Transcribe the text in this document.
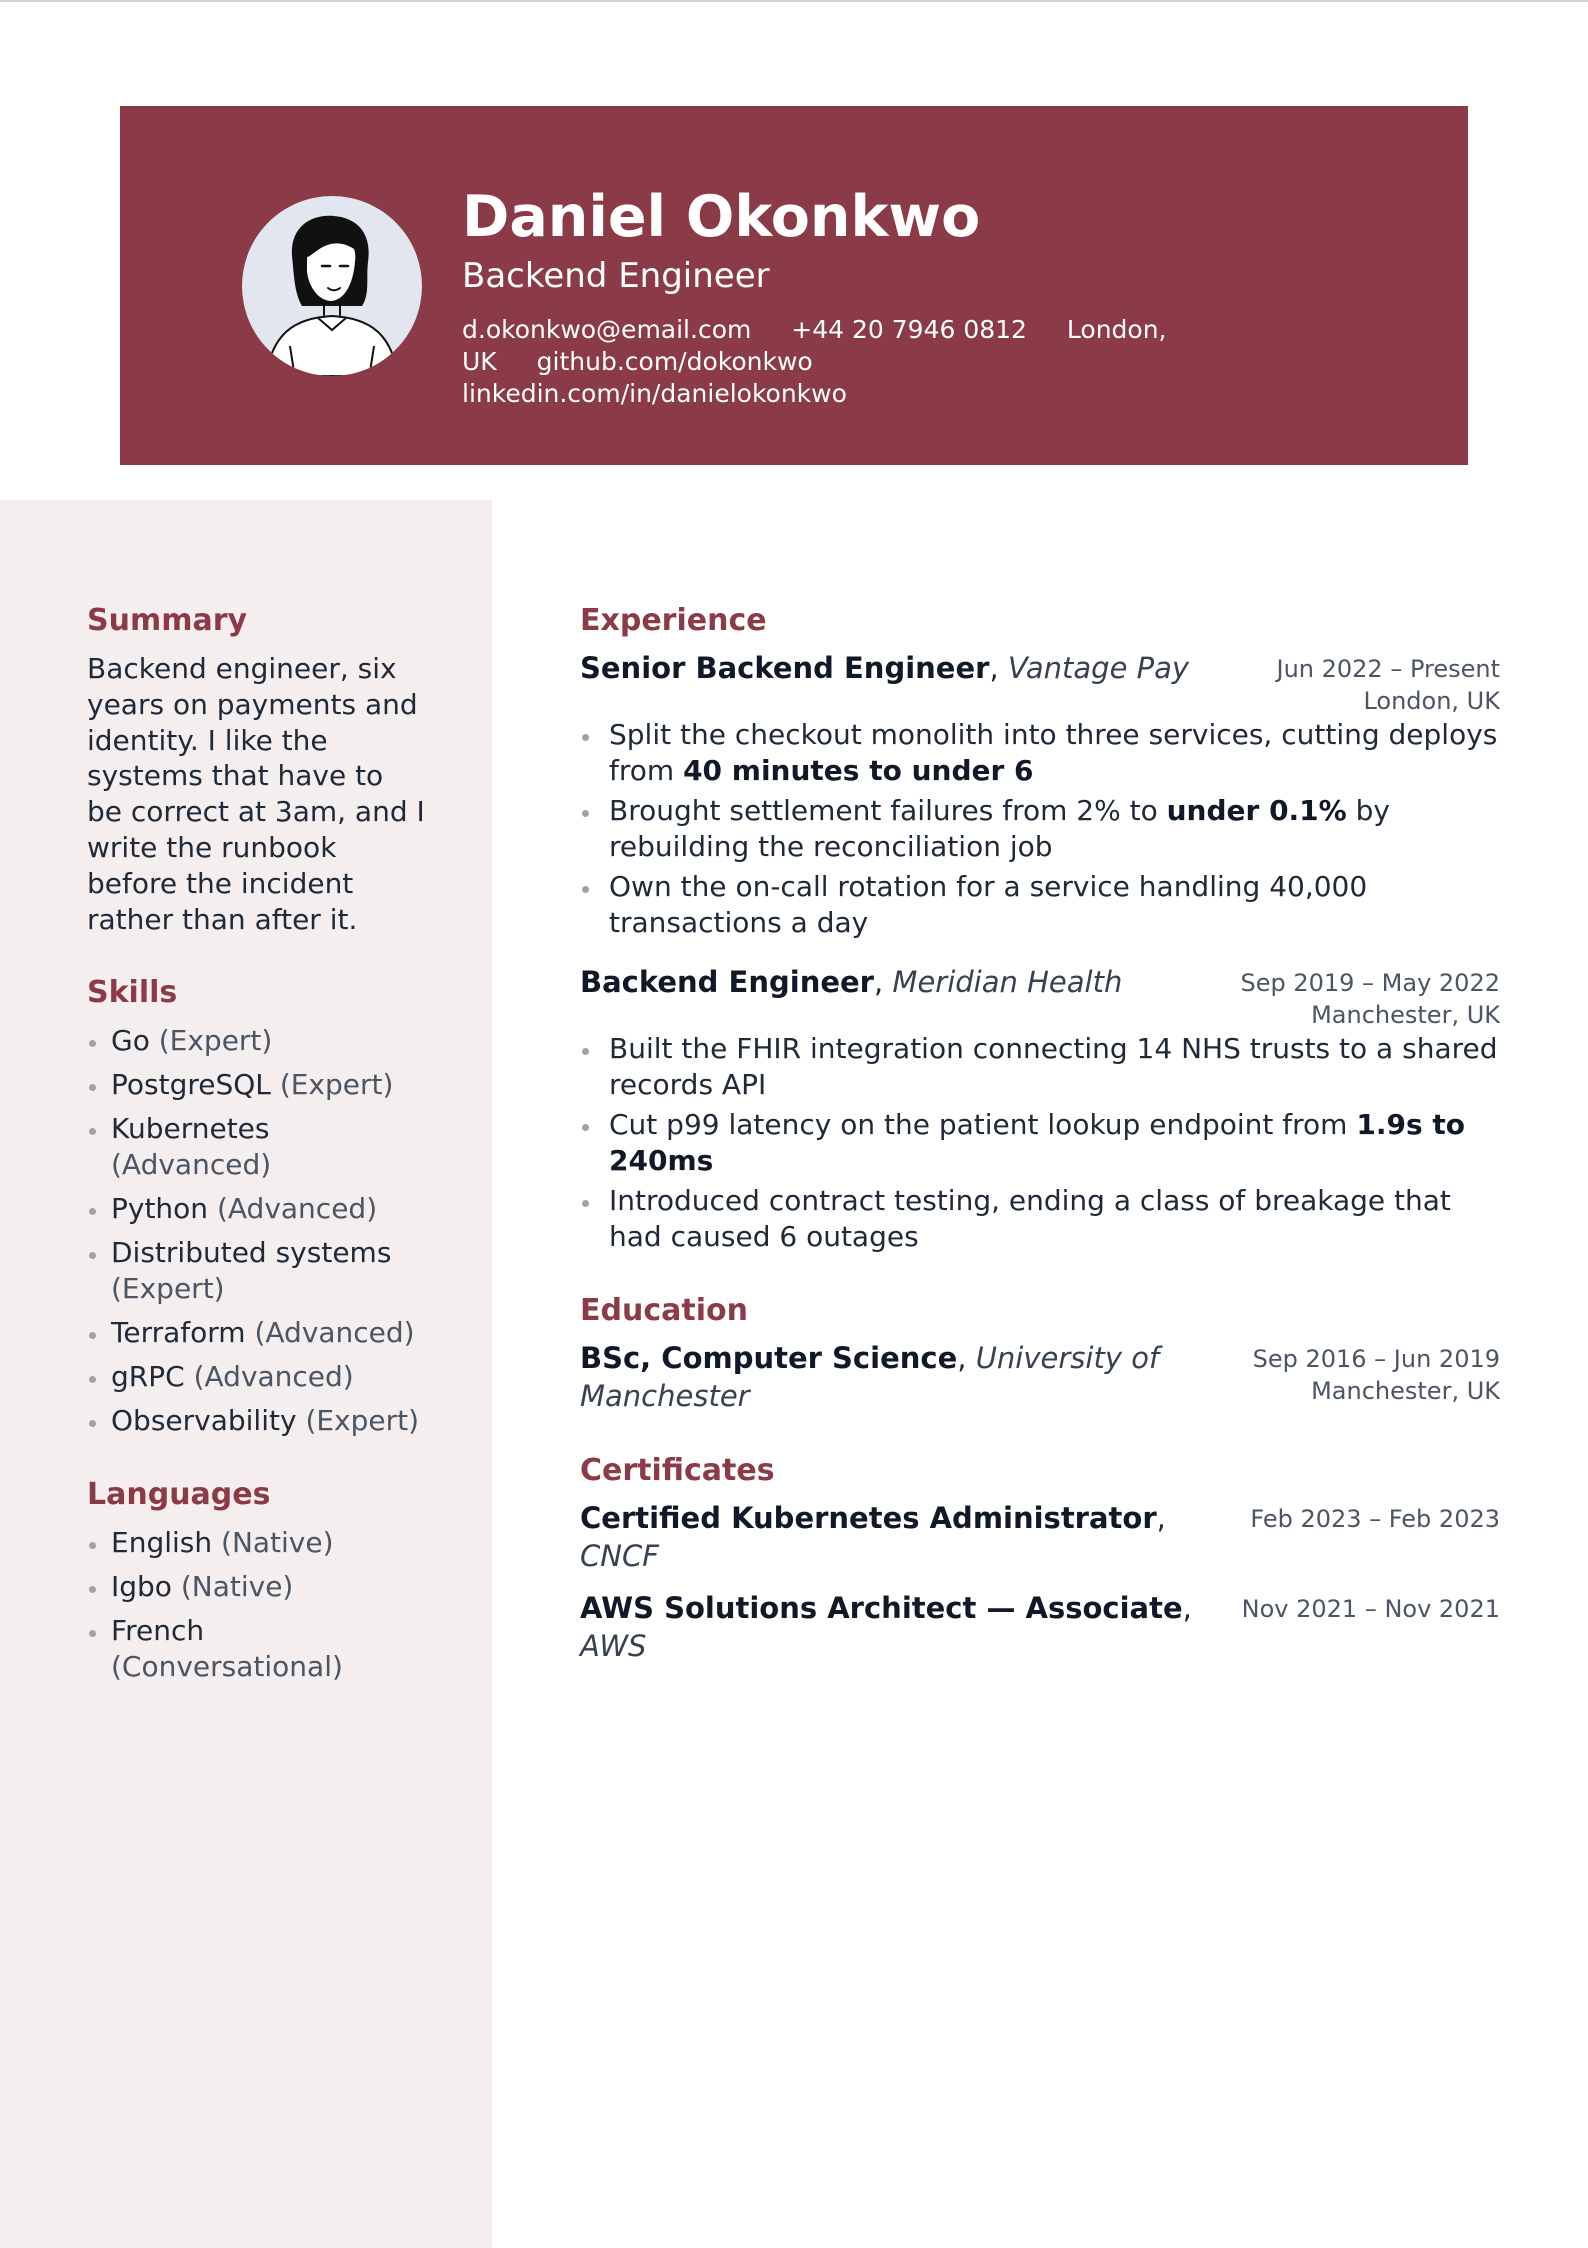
Daniel Okonkwo
Backend Engineer
d.okonkwo@email.com +44 20 7946 0812 London, UK github.com/dokonkwo linkedin.com/in/danielokonkwo
Summary

Backend engineer, six years on payments and identity. I like the systems that have to be correct at 3am, and I write the runbook before the incident rather than after it.

Skills
Go (Expert)
PostgreSQL (Expert)
Kubernetes (Advanced)
Python (Advanced)
Distributed systems (Expert)
Terraform (Advanced)
gRPC (Advanced)
Observability (Expert)
Languages
English (Native)
Igbo (Native)
French (Conversational)
Experience
Senior Backend Engineer, Vantage Pay	Jun 2022 – Present
London, UK
Split the checkout monolith into three services, cutting deploys from 40 minutes to under 6
Brought settlement failures from 2% to under 0.1% by rebuilding the reconciliation job
Own the on-call rotation for a service handling 40,000 transactions a day
Backend Engineer, Meridian Health	Sep 2019 – May 2022
Manchester, UK
Built the FHIR integration connecting 14 NHS trusts to a shared records API
Cut p99 latency on the patient lookup endpoint from 1.9s to 240ms
Introduced contract testing, ending a class of breakage that had caused 6 outages
Education
BSc, Computer Science, University of Manchester
Sep 2016 – Jun 2019
Manchester, UK
Certificates
Certified Kubernetes Administrator, CNCF
Feb 2023 – Feb 2023
AWS Solutions Architect — Associate, AWS
Nov 2021 – Nov 2021
